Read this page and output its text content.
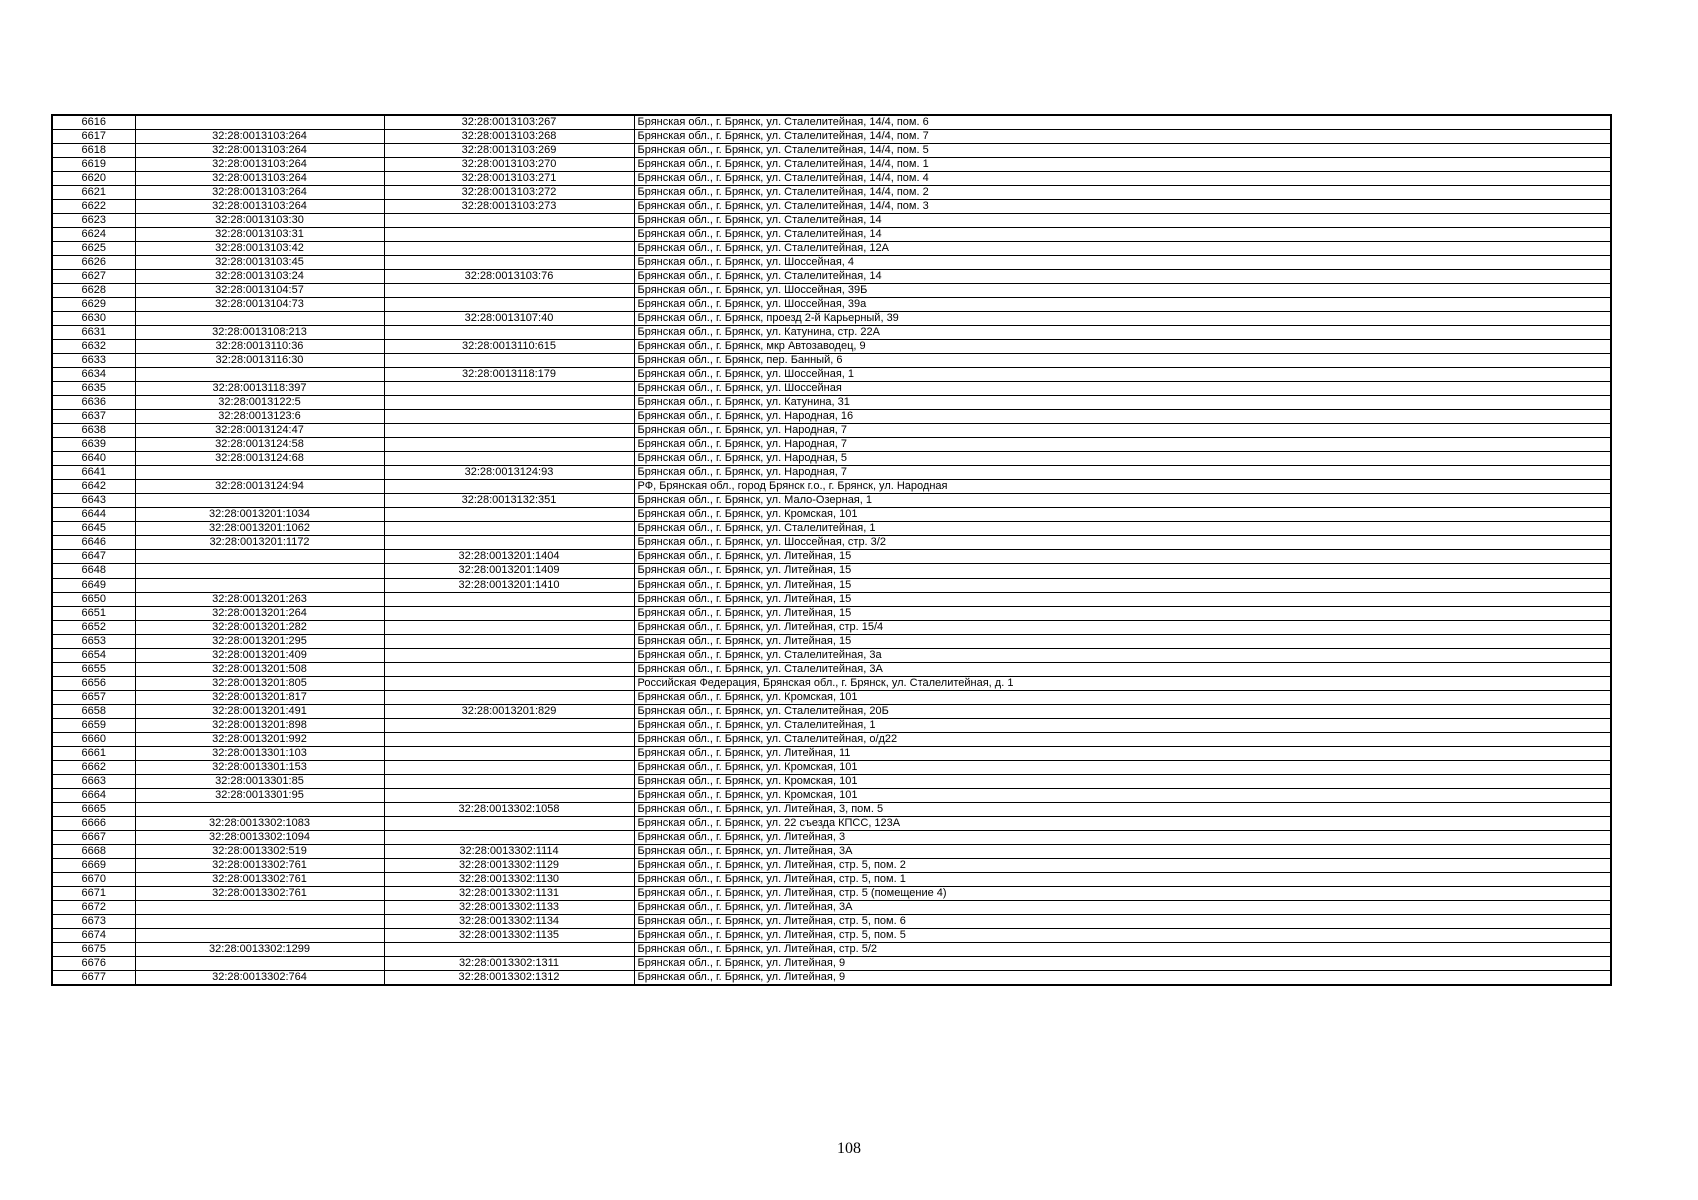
6616		32:28:0013103:267	Брянская обл., г. Брянск, ул. Сталелитейная, 14/4, пом. 6
6617	32:28:0013103:264	32:28:0013103:268	Брянская обл., г. Брянск, ул. Сталелитейная, 14/4, пом. 7
6618	32:28:0013103:264	32:28:0013103:269	Брянская обл., г. Брянск, ул. Сталелитейная, 14/4, пом. 5
6619	32:28:0013103:264	32:28:0013103:270	Брянская обл., г. Брянск, ул. Сталелитейная, 14/4, пом. 1
6620	32:28:0013103:264	32:28:0013103:271	Брянская обл., г. Брянск, ул. Сталелитейная, 14/4, пом. 4
6621	32:28:0013103:264	32:28:0013103:272	Брянская обл., г. Брянск, ул. Сталелитейная, 14/4, пом. 2
6622	32:28:0013103:264	32:28:0013103:273	Брянская обл., г. Брянск, ул. Сталелитейная, 14/4, пом. 3
6623	32:28:0013103:30		Брянская обл., г. Брянск, ул. Сталелитейная, 14
6624	32:28:0013103:31		Брянская обл., г. Брянск, ул. Сталелитейная, 14
6625	32:28:0013103:42		Брянская обл., г. Брянск, ул. Сталелитейная, 12А
6626	32:28:0013103:45		Брянская обл., г. Брянск, ул. Шоссейная, 4
6627	32:28:0013103:24	32:28:0013103:76	Брянская обл., г. Брянск, ул. Сталелитейная, 14
6628	32:28:0013104:57		Брянская обл., г. Брянск, ул. Шоссейная, 39Б
6629	32:28:0013104:73		Брянская обл., г. Брянск, ул. Шоссейная, 39а
6630		32:28:0013107:40	Брянская обл., г. Брянск, проезд 2-й Карьерный, 39
6631	32:28:0013108:213		Брянская обл., г. Брянск, ул. Катунина, стр. 22А
6632	32:28:0013110:36	32:28:0013110:615	Брянская обл., г. Брянск, мкр Автозаводец, 9
6633	32:28:0013116:30		Брянская обл., г. Брянск, пер. Банный, 6
6634		32:28:0013118:179	Брянская обл., г. Брянск, ул. Шоссейная, 1
6635	32:28:0013118:397		Брянская обл., г. Брянск, ул. Шоссейная
6636	32:28:0013122:5		Брянская обл., г. Брянск, ул. Катунина, 31
6637	32:28:0013123:6		Брянская обл., г. Брянск, ул. Народная, 16
6638	32:28:0013124:47		Брянская обл., г. Брянск, ул. Народная, 7
6639	32:28:0013124:58		Брянская обл., г. Брянск, ул. Народная, 7
6640	32:28:0013124:68		Брянская обл., г. Брянск, ул. Народная, 5
6641		32:28:0013124:93	Брянская обл., г. Брянск, ул. Народная, 7
6642	32:28:0013124:94		РФ, Брянская обл., город Брянск г.о., г. Брянск, ул. Народная
6643		32:28:0013132:351	Брянская обл., г. Брянск, ул. Мало-Озерная, 1
6644	32:28:0013201:1034		Брянская обл., г. Брянск, ул. Кромская, 101
6645	32:28:0013201:1062		Брянская обл., г. Брянск, ул. Сталелитейная, 1
6646	32:28:0013201:1172		Брянская обл., г. Брянск, ул. Шоссейная, стр. 3/2
6647		32:28:0013201:1404	Брянская обл., г. Брянск, ул. Литейная, 15
6648		32:28:0013201:1409	Брянская обл., г. Брянск, ул. Литейная, 15
6649		32:28:0013201:1410	Брянская обл., г. Брянск, ул. Литейная, 15
6650	32:28:0013201:263		Брянская обл., г. Брянск, ул. Литейная, 15
6651	32:28:0013201:264		Брянская обл., г. Брянск, ул. Литейная, 15
6652	32:28:0013201:282		Брянская обл., г. Брянск, ул. Литейная, стр. 15/4
6653	32:28:0013201:295		Брянская обл., г. Брянск, ул. Литейная, 15
6654	32:28:0013201:409		Брянская обл., г. Брянск, ул. Сталелитейная, 3а
6655	32:28:0013201:508		Брянская обл., г. Брянск, ул. Сталелитейная, 3А
6656	32:28:0013201:805		Российская Федерация, Брянская обл., г. Брянск, ул. Сталелитейная, д. 1
6657	32:28:0013201:817		Брянская обл., г. Брянск, ул. Кромская, 101
6658	32:28:0013201:491	32:28:0013201:829	Брянская обл., г. Брянск, ул. Сталелитейная, 20Б
6659	32:28:0013201:898		Брянская обл., г. Брянск, ул. Сталелитейная, 1
6660	32:28:0013201:992		Брянская обл., г. Брянск, ул. Сталелитейная, о/д22
6661	32:28:0013301:103		Брянская обл., г. Брянск, ул. Литейная, 11
6662	32:28:0013301:153		Брянская обл., г. Брянск, ул. Кромская, 101
6663	32:28:0013301:85		Брянская обл., г. Брянск, ул. Кромская, 101
6664	32:28:0013301:95		Брянская обл., г. Брянск, ул. Кромская, 101
6665		32:28:0013302:1058	Брянская обл., г. Брянск, ул. Литейная, 3, пом. 5
6666	32:28:0013302:1083		Брянская обл., г. Брянск, ул. 22 съезда КПСС, 123А
6667	32:28:0013302:1094		Брянская обл., г. Брянск, ул. Литейная, 3
6668	32:28:0013302:519	32:28:0013302:1114	Брянская обл., г. Брянск, ул. Литейная, 3А
6669	32:28:0013302:761	32:28:0013302:1129	Брянская обл., г. Брянск, ул. Литейная, стр. 5, пом. 2
6670	32:28:0013302:761	32:28:0013302:1130	Брянская обл., г. Брянск, ул. Литейная, стр. 5, пом. 1
6671	32:28:0013302:761	32:28:0013302:1131	Брянская обл., г. Брянск, ул. Литейная, стр. 5 (помещение 4)
6672		32:28:0013302:1133	Брянская обл., г. Брянск, ул. Литейная, 3А
6673		32:28:0013302:1134	Брянская обл., г. Брянск, ул. Литейная, стр. 5, пом. 6
6674		32:28:0013302:1135	Брянская обл., г. Брянск, ул. Литейная, стр. 5, пом. 5
6675	32:28:0013302:1299		Брянская обл., г. Брянск, ул. Литейная, стр. 5/2
6676		32:28:0013302:1311	Брянская обл., г. Брянск, ул. Литейная, 9
6677	32:28:0013302:764	32:28:0013302:1312	Брянская обл., г. Брянск, ул. Литейная, 9
108
